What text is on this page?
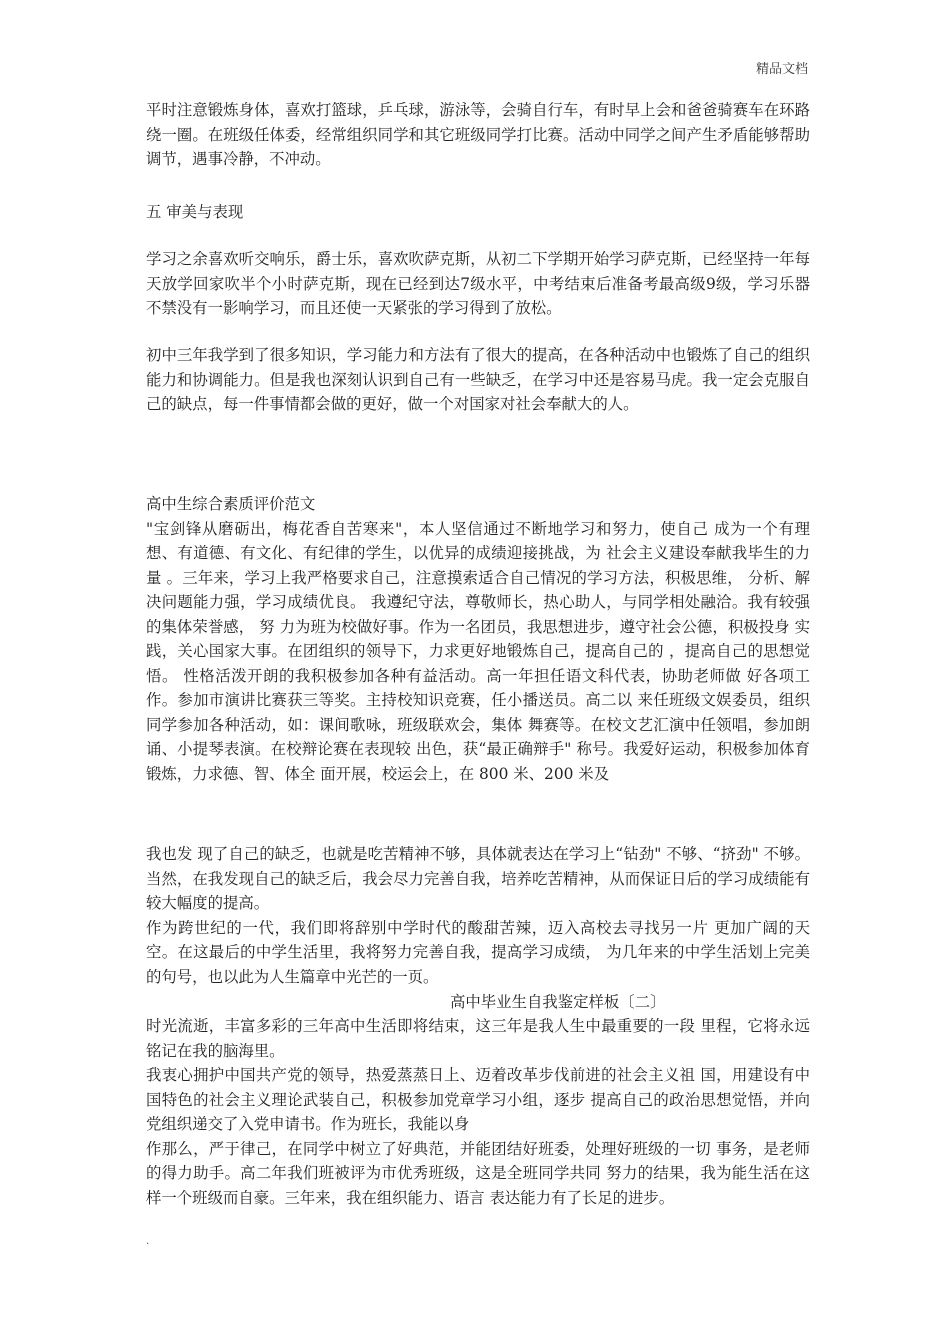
精品文档

平时注意锻炼身体，喜欢打篮球，乒乓球，游泳等，会骑自行车，有时早上会和爸爸骑赛车在环路绕一圈。在班级任体委，经常组织同学和其它班级同学打比赛。活动中同学之间产生矛盾能够帮助调节，遇事冷静，不冲动。

五 审美与表现

学习之余喜欢听交响乐，爵士乐，喜欢吹萨克斯，从初二下学期开始学习萨克斯，已经坚持一年每天放学回家吹半个小时萨克斯，现在已经到达7级水平，中考结束后准备考最高级9级，学习乐器不禁没有一影响学习，而且还使一天紧张的学习得到了放松。

初中三年我学到了很多知识，学习能力和方法有了很大的提高，在各种活动中也锻炼了自己的组织能力和协调能力。但是我也深刻认识到自己有一些缺乏，在学习中还是容易马虎。我一定会克服自己的缺点，每一件事情都会做的更好，做一个对国家对社会奉献大的人。

高中生综合素质评价范文

"宝剑锋从磨砺出，梅花香自苦寒来"，本人坚信通过不断地学习和努力，使自己 成为一个有理想、有道德、有文化、有纪律的学生，以优异的成绩迎接挑战，为 社会主义建设奉献我毕生的力量 。三年来，学习上我严格要求自己，注意摸索适合自己情况的学习方法，积极思维， 分析、解决问题能力强，学习成绩优良。 我遵纪守法，尊敬师长，热心助人，与同学相处融洽。我有较强的集体荣誉感， 努 力为班为校做好事。作为一名团员，我思想进步，遵守社会公德，积极投身 实践，关心国家大事。在团组织的领导下，力求更好地锻炼自己，提高自己的 ，提高自己的思想觉悟。 性格活泼开朗的我积极参加各种有益活动。高一年担任语文科代表，协助老师做 好各项工作。参加市演讲比赛获三等奖。主持校知识竞赛，任小播送员。高二以 来任班级文娱委员，组织同学参加各种活动，如：课间歌咏，班级联欢会，集体 舞赛等。在校文艺汇演中任领唱，参加朗诵、小提琴表演。在校辩论赛在表现较 出色，获“最正确辩手" 称号。我爱好运动，积极参加体育锻炼，力求德、智、体全 面开展，校运会上，在 800 米、200 米及

我也发 现了自己的缺乏，也就是吃苦精神不够，具体就表达在学习上“钻劲" 不够、“挤劲" 不够。当然，在我发现自己的缺乏后，我会尽力完善自我，培养吃苦精神，从而保证日后的学习成绩能有较大幅度的提高。

作为跨世纪的一代，我们即将辞别中学时代的酸甜苦辣，迈入高校去寻找另一片 更加广阔的天空。在这最后的中学生活里，我将努力完善自我，提高学习成绩， 为几年来的中学生活划上完美的句号，也以此为人生篇章中光芒的一页。

高中毕业生自我鉴定样板〔二〕

时光流逝，丰富多彩的三年高中生活即将结束，这三年是我人生中最重要的一段 里程，它将永远铭记在我的脑海里。

我衷心拥护中国共产党的领导，热爱蒸蒸日上、迈着改革步伐前进的社会主义祖 国，用建设有中国特色的社会主义理论武装自己，积极参加党章学习小组，逐步 提高自己的政治思想觉悟，并向党组织递交了入党申请书。作为班长，我能以身

作那么，严于律己，在同学中树立了好典范，并能团结好班委，处理好班级的一切 事务，是老师的得力助手。高二年我们班被评为市优秀班级，这是全班同学共同 努力的结果，我为能生活在这样一个班级而自豪。三年来，我在组织能力、语言 表达能力有了长足的进步。

.
